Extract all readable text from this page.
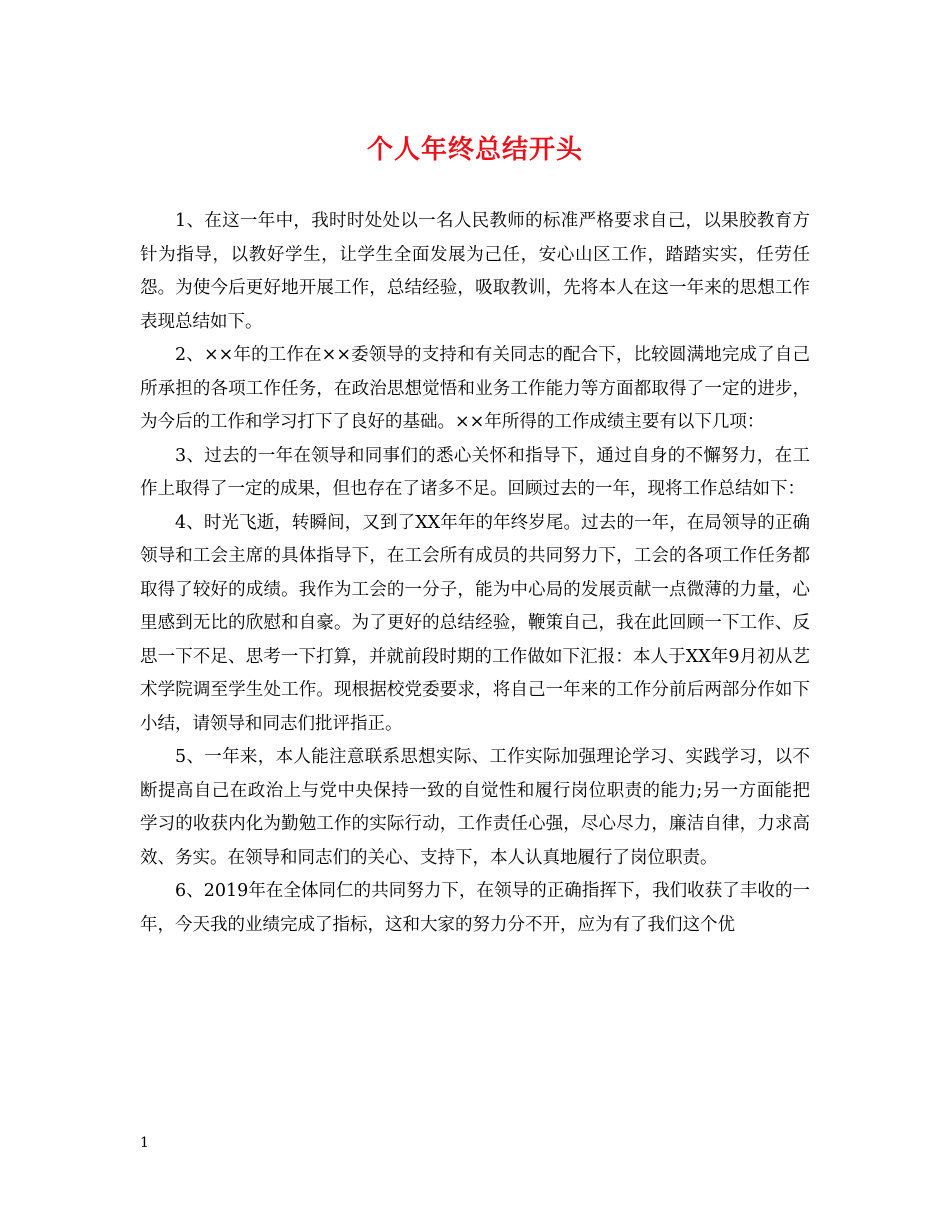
个人年终总结开头

1、在这一年中，我时时处处以一名人民教师的标准严格要求自己，以果胶教育方针为指导，以教好学生，让学生全面发展为己任，安心山区工作，踏踏实实，任劳任怨。为使今后更好地开展工作，总结经验，吸取教训，先将本人在这一年来的思想工作表现总结如下。

2、××年的工作在××委领导的支持和有关同志的配合下，比较圆满地完成了自己所承担的各项工作任务，在政治思想觉悟和业务工作能力等方面都取得了一定的进步，为今后的工作和学习打下了良好的基础。××年所得的工作成绩主要有以下几项：

3、过去的一年在领导和同事们的悉心关怀和指导下，通过自身的不懈努力，在工作上取得了一定的成果，但也存在了诸多不足。回顾过去的一年，现将工作总结如下：

4、时光飞逝，转瞬间，又到了XX年年的年终岁尾。过去的一年，在局领导的正确领导和工会主席的具体指导下，在工会所有成员的共同努力下，工会的各项工作任务都取得了较好的成绩。我作为工会的一分子，能为中心局的发展贡献一点微薄的力量，心里感到无比的欣慰和自豪。为了更好的总结经验，鞭策自己，我在此回顾一下工作、反思一下不足、思考一下打算，并就前段时期的工作做如下汇报：本人于XX年9月初从艺术学院调至学生处工作。现根据校党委要求，将自己一年来的工作分前后两部分作如下小结，请领导和同志们批评指正。

5、一年来，本人能注意联系思想实际、工作实际加强理论学习、实践学习，以不断提高自己在政治上与党中央保持一致的自觉性和履行岗位职责的能力;另一方面能把学习的收获内化为勤勉工作的实际行动，工作责任心强，尽心尽力，廉洁自律，力求高效、务实。在领导和同志们的关心、支持下，本人认真地履行了岗位职责。

6、2019年在全体同仁的共同努力下，在领导的正确指挥下，我们收获了丰收的一年，今天我的业绩完成了指标，这和大家的努力分不开，应为有了我们这个优

1
